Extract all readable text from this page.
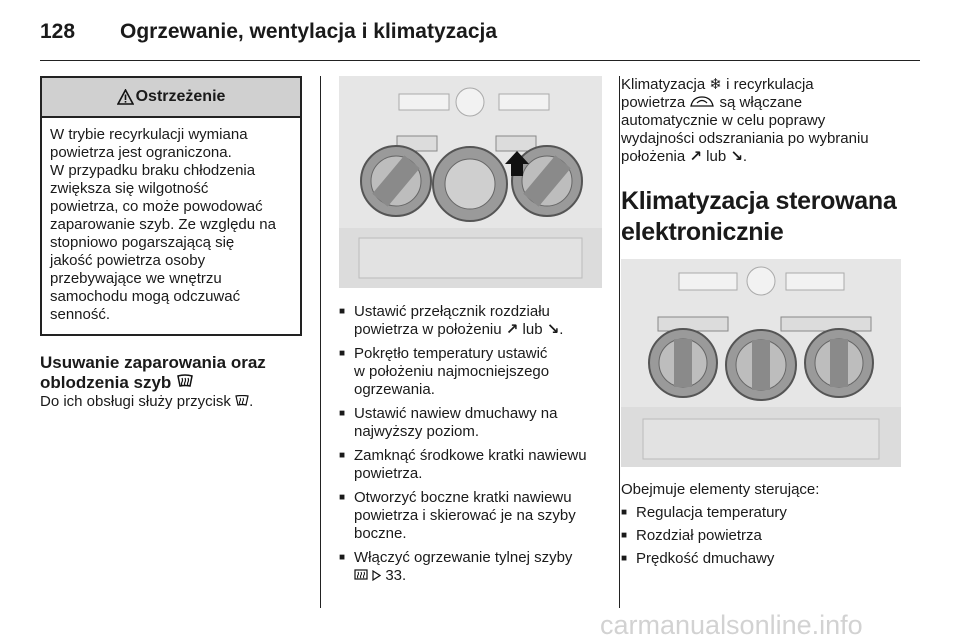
128 Ogrzewanie, wentylacja i klimatyzacja
Ostrzeżenie

W trybie recyrkulacji wymiana

powietrza jest ograniczona.

W przypadku braku chłodzenia

zwiększa się wilgotność

powietrza, co może powodować

zaparowanie szyb. Ze względu na

stopniowo pogarszającą się

jakość powietrza osoby

przebywające we wnętrzu

samochodu mogą odczuwać

senność.

Usuwanie zaparowania oraz
oblodzenia szyb
Do ich obsługi służy przycisk .
■ Ustawić przełącznik rozdziału
powietrza w położeniu ↗ lub ↘.
■ Pokrętło temperatury ustawić
w położeniu najmocniejszego
ogrzewania.
■ Ustawić nawiew dmuchawy na
najwyższy poziom.
■ Zamknąć środkowe kratki nawiewu
powietrza.
■ Otworzyć boczne kratki nawiewu
powietrza i skierować je na szyby
boczne.
■ Włączyć ogrzewanie tylnej szyby
33.
Klimatyzacja ❄ i recyrkulacja
powietrza są włączane
automatycznie w celu poprawy
wydajności odszraniania po wybraniu
położenia ↗ lub ↘.
Klimatyzacja sterowana
elektronicznie
Obejmuje elementy sterujące:
■ Regulacja temperatury
■ Rozdział powietrza
■ Prędkość dmuchawy
carmanualsonline.info
